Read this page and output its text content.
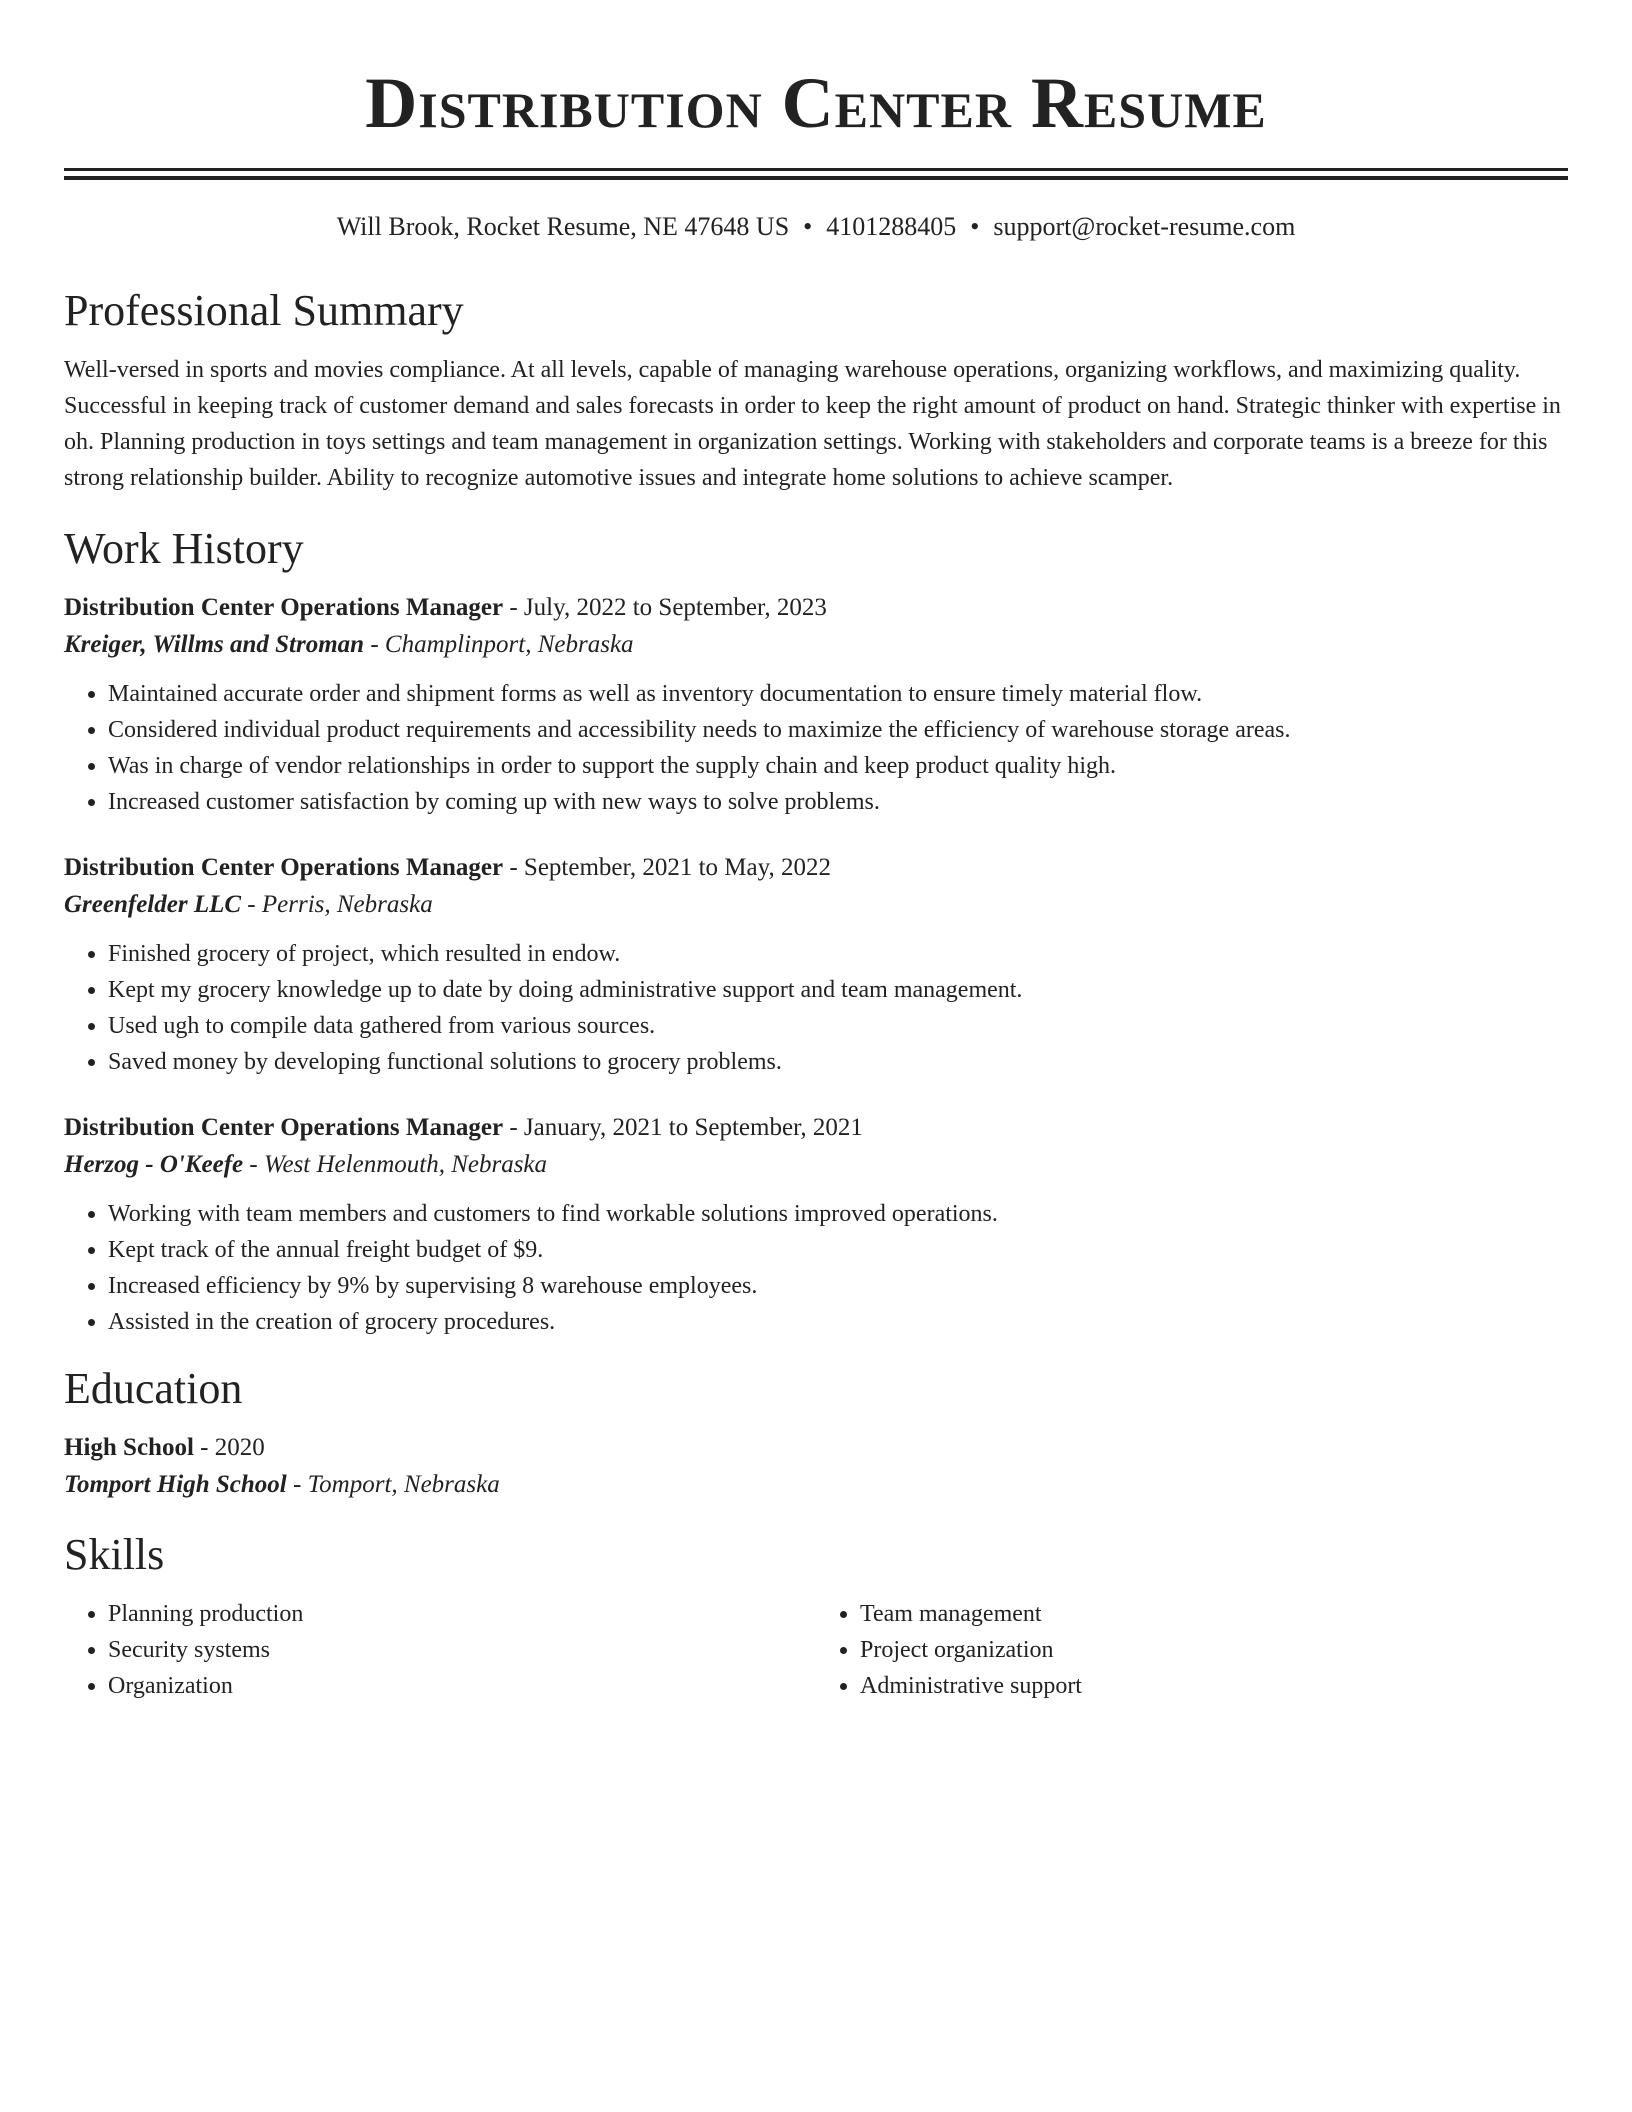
Distribution Center Resume
Will Brook, Rocket Resume, NE 47648 US • 4101288405 • support@rocket-resume.com
Professional Summary

Well-versed in sports and movies compliance. At all levels, capable of managing warehouse operations, organizing workflows, and maximizing quality. Successful in keeping track of customer demand and sales forecasts in order to keep the right amount of product on hand. Strategic thinker with expertise in oh. Planning production in toys settings and team management in organization settings. Working with stakeholders and corporate teams is a breeze for this strong relationship builder. Ability to recognize automotive issues and integrate home solutions to achieve scamper.

Work History
Distribution Center Operations Manager - July, 2022 to September, 2023
Kreiger, Willms and Stroman - Champlinport, Nebraska
• Maintained accurate order and shipment forms as well as inventory documentation to ensure timely material flow.
• Considered individual product requirements and accessibility needs to maximize the efficiency of warehouse storage areas.
• Was in charge of vendor relationships in order to support the supply chain and keep product quality high.
• Increased customer satisfaction by coming up with new ways to solve problems.
Distribution Center Operations Manager - September, 2021 to May, 2022
Greenfelder LLC - Perris, Nebraska
• Finished grocery of project, which resulted in endow.
• Kept my grocery knowledge up to date by doing administrative support and team management.
• Used ugh to compile data gathered from various sources.
• Saved money by developing functional solutions to grocery problems.
Distribution Center Operations Manager - January, 2021 to September, 2021
Herzog - O'Keefe - West Helenmouth, Nebraska
• Working with team members and customers to find workable solutions improved operations.
• Kept track of the annual freight budget of $9.
• Increased efficiency by 9% by supervising 8 warehouse employees.
• Assisted in the creation of grocery procedures.
Education
High School - 2020
Tomport High School - Tomport, Nebraska
Skills
• Planning production
• Security systems
• Organization
• Team management
• Project organization
• Administrative support
